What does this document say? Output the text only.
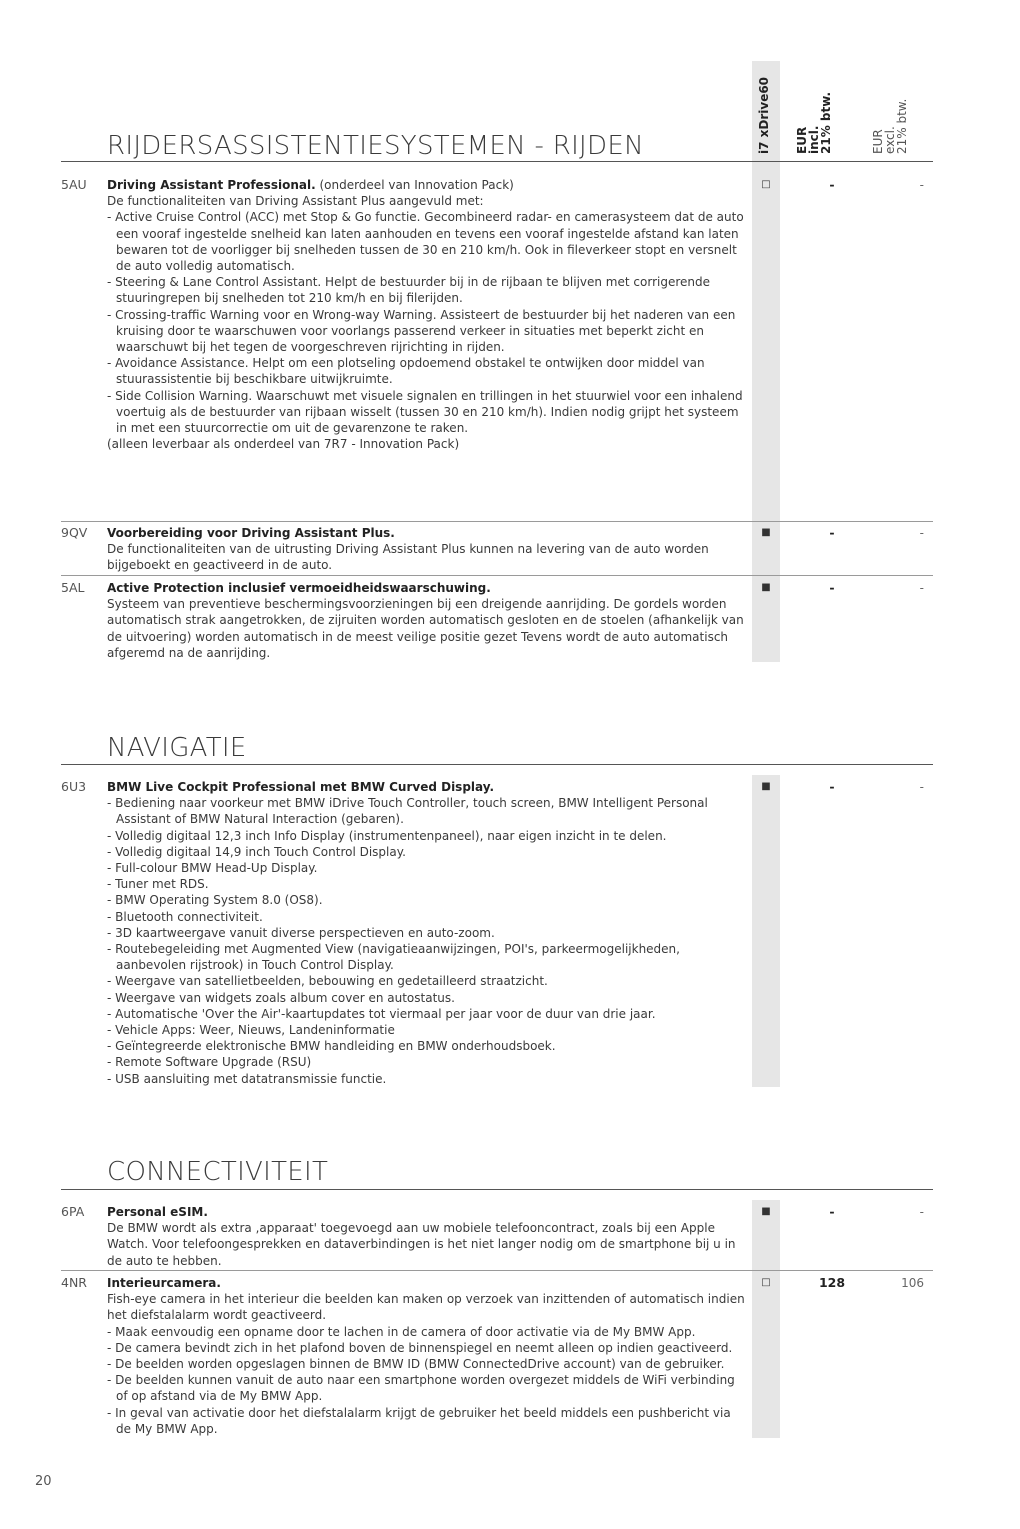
i7 xDrive60 EUR
incl.
21% btw.
EUR
excl.
21% btw.
RIJDERSASSISTENTIESYSTEMEN - RIJDEN
5AU Driving Assistant Professional. (onderdeel van Innovation Pack)
De functionaliteiten van Driving Assistant Plus aangevuld met:
- Active Cruise Control (ACC) met Stop & Go functie. Gecombineerd radar- en camerasysteem dat de auto een vooraf ingestelde snelheid kan laten aanhouden en tevens een vooraf ingestelde afstand kan laten bewaren tot de voorligger bij snelheden tussen de 30 en 210 km/h. Ook in fileverkeer stopt en versnelt de auto volledig automatisch.
- Steering & Lane Control Assistant. Helpt de bestuurder bij in de rijbaan te blijven met corrigerende stuuringrepen bij snelheden tot 210 km/h en bij filerijden.
- Crossing-traffic Warning voor en Wrong-way Warning. Assisteert de bestuurder bij het naderen van een kruising door te waarschuwen voor voorlangs passerend verkeer in situaties met beperkt zicht en waarschuwt bij het tegen de voorgeschreven rijrichting in rijden.
- Avoidance Assistance. Helpt om een plotseling opdoemend obstakel te ontwijken door middel van stuurassistentie bij beschikbare uitwijkruimte.
- Side Collision Warning. Waarschuwt met visuele signalen en trillingen in het stuurwiel voor een inhalend voertuig als de bestuurder van rijbaan wisselt (tussen 30 en 210 km/h). Indien nodig grijpt het systeem in met een stuurcorrectie om uit de gevarenzone te raken.
(alleen leverbaar als onderdeel van 7R7 - Innovation Pack)
□	-	-
9QV Voorbereiding voor Driving Assistant Plus.
De functionaliteiten van de uitrusting Driving Assistant Plus kunnen na levering van de auto worden bijgeboekt en geactiveerd in de auto.
■	-	-
5AL Active Protection inclusief vermoeidheidswaarschuwing.
Systeem van preventieve beschermingsvoorzieningen bij een dreigende aanrijding. De gordels worden automatisch strak aangetrokken, de zijruiten worden automatisch gesloten en de stoelen (afhankelijk van de uitvoering) worden automatisch in de meest veilige positie gezet Tevens wordt de auto automatisch afgeremd na de aanrijding.
■	-	-
NAVIGATIE
6U3 BMW Live Cockpit Professional met BMW Curved Display.
- Bediening naar voorkeur met BMW iDrive Touch Controller, touch screen, BMW Intelligent Personal Assistant of BMW Natural Interaction (gebaren).
- Volledig digitaal 12,3 inch Info Display (instrumentenpaneel), naar eigen inzicht in te delen.
- Volledig digitaal 14,9 inch Touch Control Display.
- Full-colour BMW Head-Up Display.
- Tuner met RDS.
- BMW Operating System 8.0 (OS8).
- Bluetooth connectiviteit.
- 3D kaartweergave vanuit diverse perspectieven en auto-zoom.
- Routebegeleiding met Augmented View (navigatieaanwijzingen, POI's, parkeermogelijkheden, aanbevolen rijstrook) in Touch Control Display.
- Weergave van satellietbeelden, bebouwing en gedetailleerd straatzicht.
- Weergave van widgets zoals album cover en autostatus.
- Automatische 'Over the Air'-kaartupdates tot viermaal per jaar voor de duur van drie jaar.
- Vehicle Apps: Weer, Nieuws, Landeninformatie
- Geïntegreerde elektronische BMW handleiding en BMW onderhoudsboek.
- Remote Software Upgrade (RSU)
- USB aansluiting met datatransmissie functie.
■	-	-
CONNECTIVITEIT
6PA Personal eSIM.
De BMW wordt als extra ‚apparaat' toegevoegd aan uw mobiele telefooncontract, zoals bij een Apple Watch. Voor telefoongesprekken en dataverbindingen is het niet langer nodig om de smartphone bij u in de auto te hebben.
■	-	-
4NR Interieurcamera.
Fish-eye camera in het interieur die beelden kan maken op verzoek van inzittenden of automatisch indien het diefstalalarm wordt geactiveerd.
- Maak eenvoudig een opname door te lachen in de camera of door activatie via de My BMW App.
- De camera bevindt zich in het plafond boven de binnenspiegel en neemt alleen op indien geactiveerd.
- De beelden worden opgeslagen binnen de BMW ID (BMW ConnectedDrive account) van de gebruiker.
- De beelden kunnen vanuit de auto naar een smartphone worden overgezet middels de WiFi verbinding of op afstand via de My BMW App.
- In geval van activatie door het diefstalalarm krijgt de gebruiker het beeld middels een pushbericht via de My BMW App.
□	128	106
20
